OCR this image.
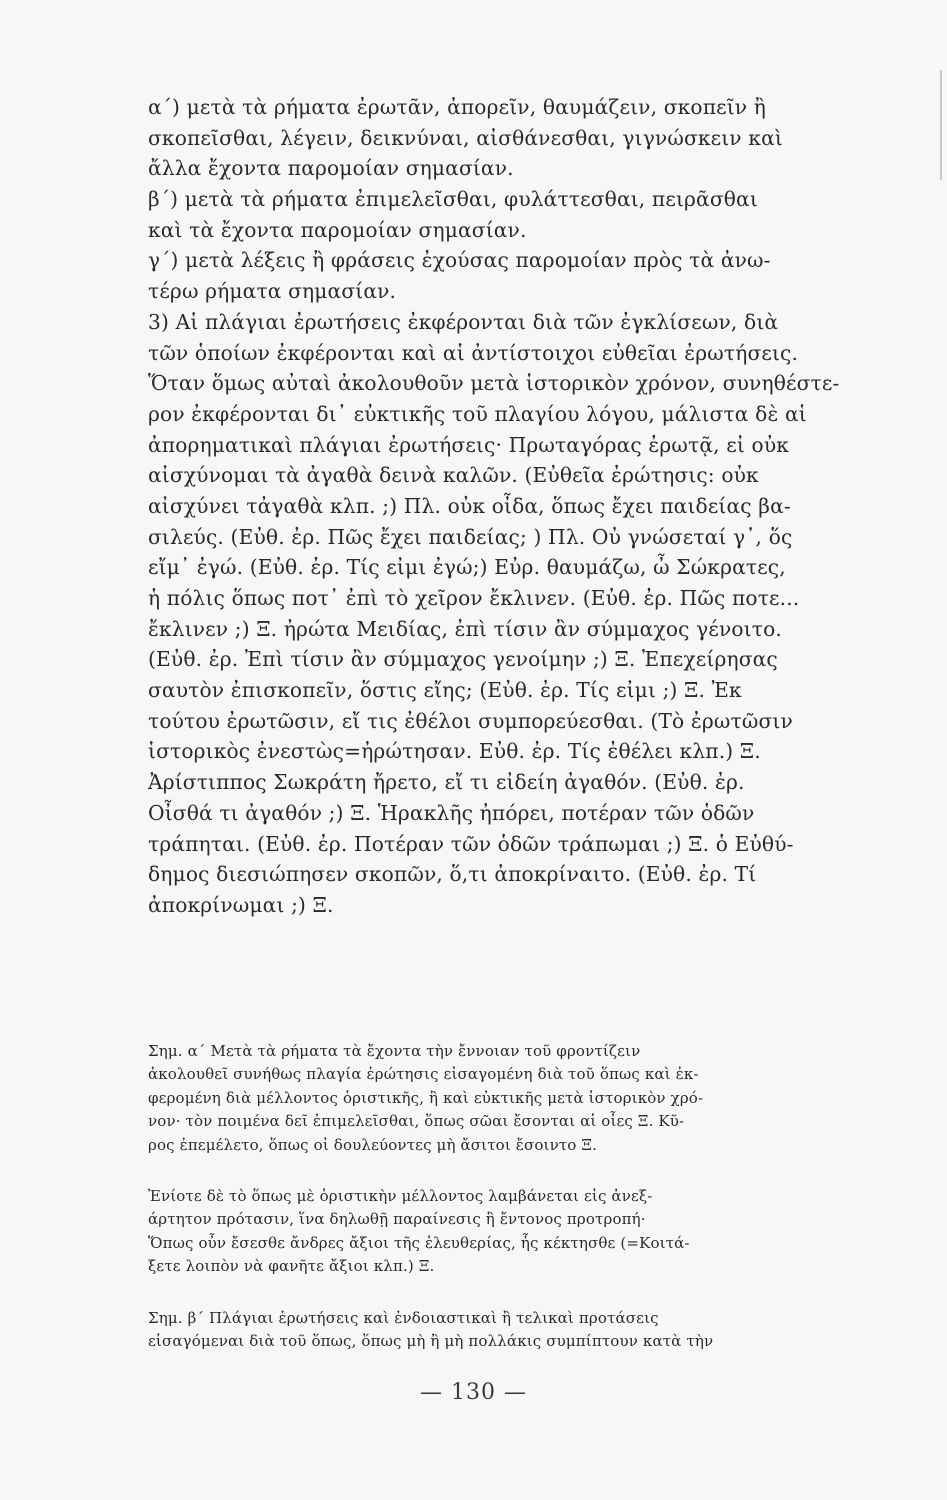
α΄) μετὰ τὰ ρήματα ἐρωτᾶν, ἀπορεῖν, θαυμάζειν, σκοπεῖν ἢ
σκοπεῖσθαι, λέγειν, δεικνύναι, αἰσθάνεσθαι, γιγνώσκειν καὶ
ἄλλα ἔχοντα παρομοίαν σημασίαν.
β΄) μετὰ τὰ ρήματα ἐπιμελεῖσθαι, φυλάττεσθαι, πειρᾶσθαι
καὶ τὰ ἔχοντα παρομοίαν σημασίαν.
γ΄) μετὰ λέξεις ἢ φράσεις ἐχούσας παρομοίαν πρὸς τὰ ἀνω-
τέρω ρήματα σημασίαν.
3) Αἱ πλάγιαι ἐρωτήσεις ἐκφέρονται διὰ τῶν ἐγκλίσεων, διὰ
τῶν ὁποίων ἐκφέρονται καὶ αἱ ἀντίστοιχοι εὐθεῖαι ἐρωτήσεις.
Ὅταν ὅμως αὐταὶ ἀκολουθοῦν μετὰ ἱστορικὸν χρόνον, συνηθέστε-
ρον ἐκφέρονται δι᾽ εὐκτικῆς τοῦ πλαγίου λόγου, μάλιστα δὲ αἱ
ἀπορηματικαὶ πλάγιαι ἐρωτήσεις· Πρωταγόρας ἐρωτᾷ, εἰ οὐκ
αἰσχύνομαι τὰ ἀγαθὰ δεινὰ καλῶν. (Εὐθεῖα ἐρώτησις: οὐκ
αἰσχύνει τἀγαθὰ κλπ. ;) Πλ. οὐκ οἶδα, ὅπως ἔχει παιδείας βα-
σιλεύς. (Εὐθ. ἐρ. Πῶς ἔχει παιδείας; ) Πλ. Οὐ γνώσεταί γ᾽, ὅς
εἴμ᾽ ἐγώ. (Εὐθ. ἐρ. Τίς εἰμι ἐγώ;) Εὐρ. θαυμάζω, ὦ Σώκρατες,
ἡ πόλις ὅπως ποτ᾽ ἐπὶ τὸ χεῖρον ἔκλινεν. (Εὐθ. ἐρ. Πῶς ποτε...
ἔκλινεν ;) Ξ. ἠρώτα Μειδίας, ἐπὶ τίσιν ἂν σύμμαχος γένοιτο.
(Εὐθ. ἐρ. Ἐπὶ τίσιν ἂν σύμμαχος γενοίμην ;) Ξ. Ἐπεχείρησας
σαυτὸν ἐπισκοπεῖν, ὅστις εἴης; (Εὐθ. ἐρ. Τίς εἰμι ;) Ξ. Ἐκ
τούτου ἐρωτῶσιν, εἴ τις ἐθέλοι συμπορεύεσθαι. (Τὸ ἐρωτῶσιν
ἱστορικὸς ἐνεστὼς=ἠρώτησαν. Εὐθ. ἐρ. Τίς ἐθέλει κλπ.) Ξ.
Ἀρίστιππος Σωκράτη ἤρετο, εἴ τι εἰδείη ἀγαθόν. (Εὐθ. ἐρ.
Οἶσθά τι ἀγαθόν ;) Ξ. Ἡρακλῆς ἠπόρει, ποτέραν τῶν ὁδῶν
τράπηται. (Εὐθ. ἐρ. Ποτέραν τῶν ὁδῶν τράπωμαι ;) Ξ. ὁ Εὐθύ-
δημος διεσιώπησεν σκοπῶν, ὅ,τι ἀποκρίναιτο. (Εὐθ. ἐρ. Τί
ἀποκρίνωμαι ;) Ξ.
Σημ. α΄ Μετὰ τὰ ρήματα τὰ ἔχοντα τὴν ἔννοιαν τοῦ φροντίζειν
ἀκολουθεῖ συνήθως πλαγία ἐρώτησις εἰσαγομένη διὰ τοῦ ὅπως καὶ ἐκ-
φερομένη διὰ μέλλοντος ὁριστικῆς, ἢ καὶ εὐκτικῆς μετὰ ἱστορικὸν χρό-
νον· τὸν ποιμένα δεῖ ἐπιμελεῖσθαι, ὅπως σῶαι ἔσονται αἱ οἶες Ξ. Κῦ-
ρος ἐπεμέλετο, ὅπως οἱ δουλεύοντες μὴ ἄσιτοι ἔσοιντο Ξ.
Ἐνίοτε δὲ τὸ ὅπως μὲ ὁριστικὴν μέλλοντος λαμβάνεται εἰς ἀνεξ-
άρτητον πρότασιν, ἵνα δηλωθῇ παραίνεσις ἢ ἔντονος προτροπή·
Ὅπως οὖν ἔσεσθε ἄνδρες ἄξιοι τῆς ἐλευθερίας, ἧς κέκτησθε (=Κοιτά-
ξετε λοιπὸν νὰ φανῆτε ἄξιοι κλπ.) Ξ.
Σημ. β΄ Πλάγιαι ἐρωτήσεις καὶ ἐνδοιαστικαὶ ἢ τελικαὶ προτάσεις
εἰσαγόμεναι διὰ τοῦ ὅπως, ὅπως μὴ ἢ μὴ πολλάκις συμπίπτουν κατὰ τὴν
— 130 —
